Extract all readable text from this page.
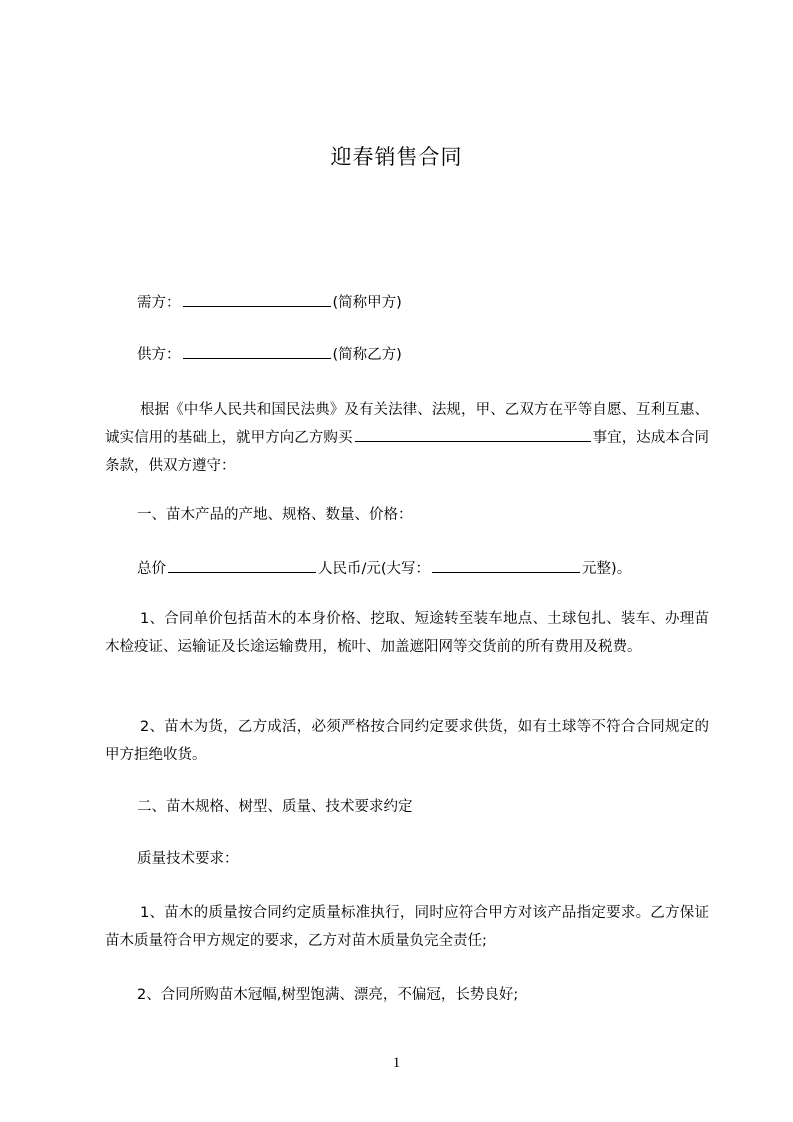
迎春销售合同
需方：	(简称甲方)
供方：	(简称乙方)
根据《中华人民共和国民法典》及有关法律、法规，甲、乙双方在平等自愿、互利互惠、诚实信用的基础上，就甲方向乙方购买	事宜，达成本合同条款，供双方遵守：
一、苗木产品的产地、规格、数量、价格：
总价	人民币/元(大写：	元整)。
1、合同单价包括苗木的本身价格、挖取、短途转至装车地点、土球包扎、装车、办理苗木检疫证、运输证及长途运输费用，梳叶、加盖遮阳网等交货前的所有费用及税费。
2、苗木为货，乙方成活，必须严格按合同约定要求供货，如有土球等不符合合同规定的甲方拒绝收货。
二、苗木规格、树型、质量、技术要求约定
质量技术要求：
1、苗木的质量按合同约定质量标准执行，同时应符合甲方对该产品指定要求。乙方保证苗木质量符合甲方规定的要求，乙方对苗木质量负完全责任;
2、合同所购苗木冠幅,树型饱满、漂亮，不偏冠，长势良好;
1
